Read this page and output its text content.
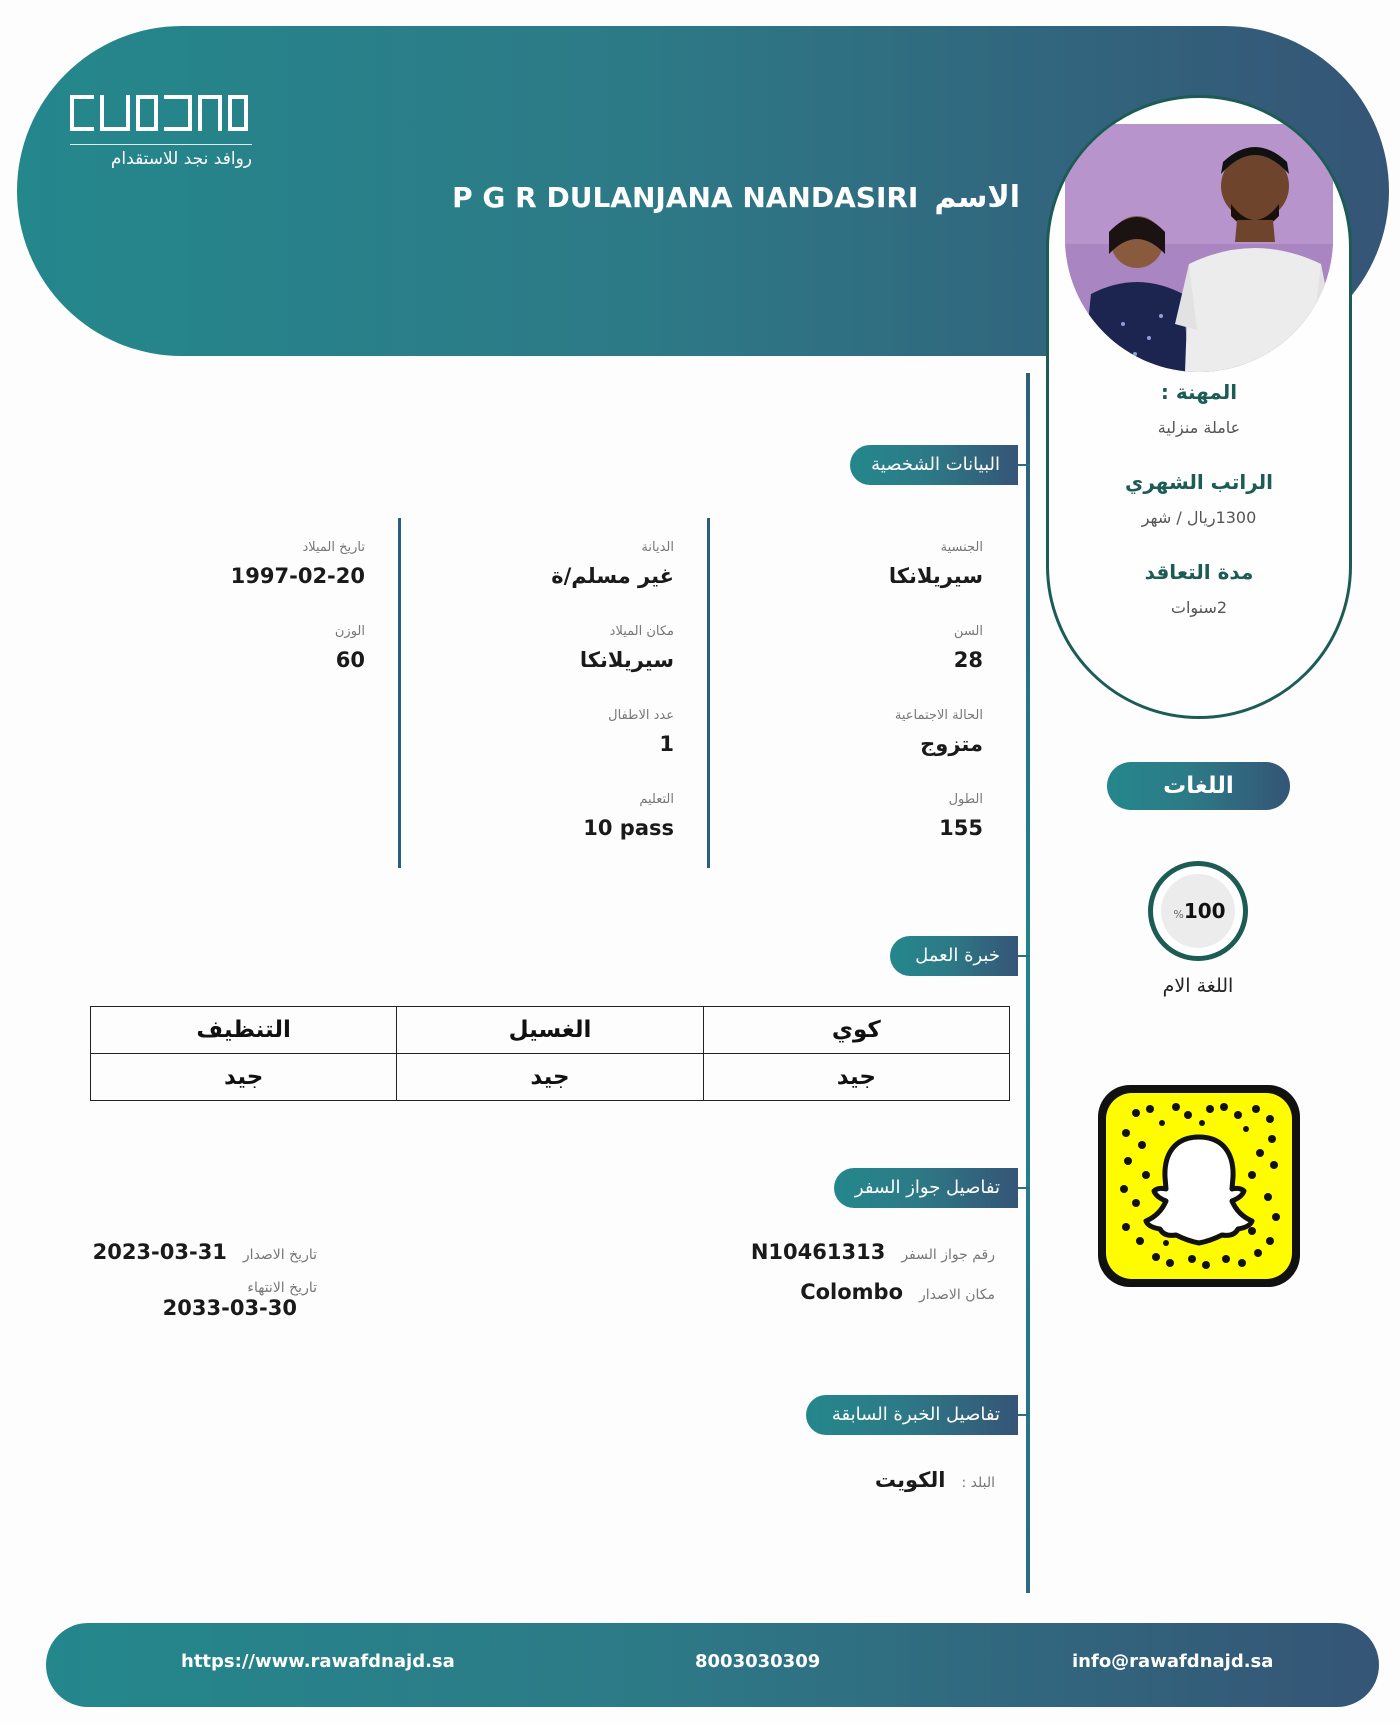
روافد نجد للاستقدام
P G R DULANJANA NANDASIRI الاسم
المهنة :
عاملة منزلية
الراتب الشهري
1300ريال / شهر
مدة التعاقد
2سنوات
اللغات
%100
اللغة الام
البيانات الشخصية
الجنسية
سيريلانكا
السن
28
الحالة الاجتماعية
متزوج
الطول
155
الديانة
غير مسلم/ة
مكان الميلاد
سيريلانكا
عدد الاطفال
1
التعليم
10 pass
تاريخ الميلاد
1997-02-20
الوزن
60
خبرة العمل
التنظيف	الغسيل	كوي
جيد	جيد	جيد
تفاصيل جواز السفر
رقم جواز السفر
N10461313
مكان الاصدار
Colombo
تاريخ الاصدار
2023-03-31
تاريخ الانتهاء
2033-03-30
تفاصيل الخبرة السابقة
البلد :
الكويت
https://www.rawafdnajd.sa	8003030309	info@rawafdnajd.sa
